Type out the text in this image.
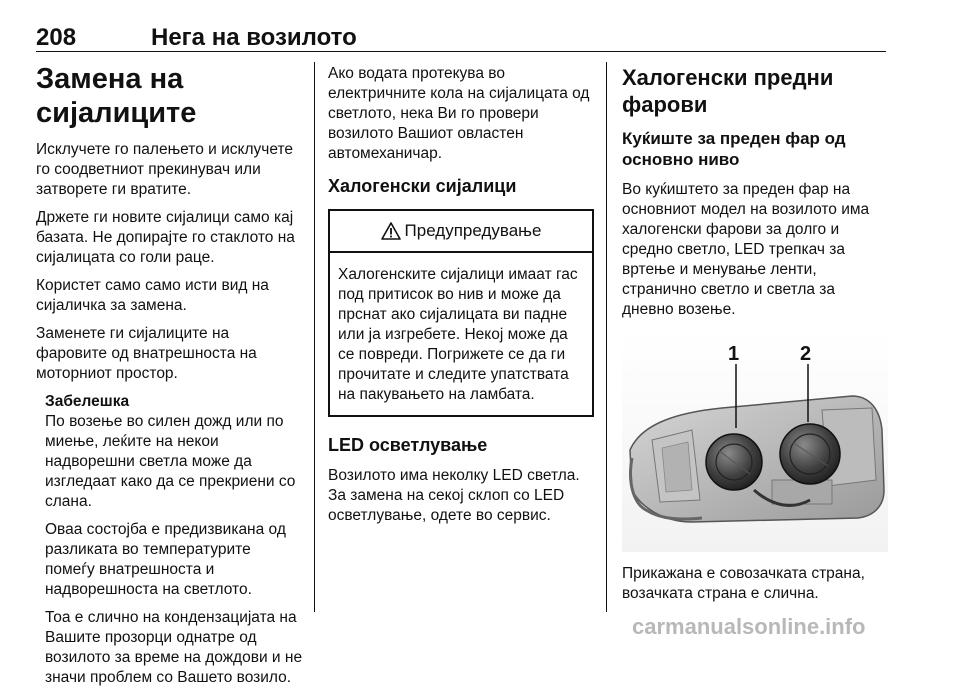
208	Нега на возилото
Замена на сијалиците

Исклучете го палењето и исклучете го соодветниот прекинувач или затворете ги вратите.

Држете ги новите сијалици само кај базата. Не допирајте го стаклото на сијалицата со голи раце.

Користет само само исти вид на сијаличка за замена.

Заменете ги сијалиците на фаровите од внатрешноста на моторниот простор.

Забелешка

По возење во силен дожд или по миење, леќите на некои надворешни светла може да изгледаат како да се прекриени со слана.

Оваа состојба е предизвикана од разликата во температурите помеѓу внатрешноста и надворешноста на светлото.

Тоа е слично на кондензацијата на Вашите прозорци однатре од возилото за време на дождови и не значи проблем со Вашето возило.

Ако водата протекува во електричните кола на сијалицата од светлото, нека Ви го провери возилото Вашиот овластен автомеханичар.

Халогенски сијалици
Предупредување
Халогенските сијалици имаат гас под притисок во нив и може да прснат ако сијалицата ви падне или ја изгребете. Некој може да се повреди. Погрижете се да ги прочитате и следите упатствата на пакувањето на ламбата.
LED осветлување

Возилото има неколку LED светла. За замена на секој склоп со LED осветлување, одете во сервис.

Халогенски предни фарови
Куќиште за преден фар од основно ниво

Во куќиштето за преден фар на основниот модел на возилото има халогенски фарови за долго и средно светло, LED трепкач за вртење и менување ленти, странично светло и светла за дневно возење.

1	2

Прикажана е совозачката страна, возачката страна е слична.

carmanualsonline.info
